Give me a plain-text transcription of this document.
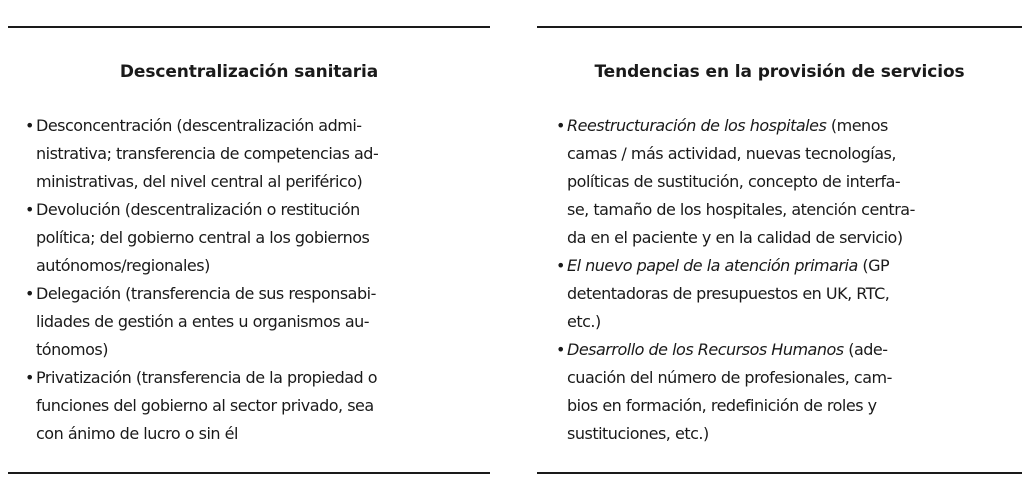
Descentralización sanitaria
• Desconcentración (descentralización admi-
nistrativa; transferencia de competencias ad-
ministrativas, del nivel central al periférico)
• Devolución (descentralización o restitución
política; del gobierno central a los gobiernos
autónomos/regionales)
• Delegación (transferencia de sus responsabi-
lidades de gestión a entes u organismos au-
tónomos)
• Privatización (transferencia de la propiedad o
funciones del gobierno al sector privado, sea
con ánimo de lucro o sin él
Tendencias en la provisión de servicios
• Reestructuración de los hospitales (menos
camas / más actividad, nuevas tecnologías,
políticas de sustitución, concepto de interfa-
se, tamaño de los hospitales, atención centra-
da en el paciente y en la calidad de servicio)
• El nuevo papel de la atención primaria (GP
detentadoras de presupuestos en UK, RTC,
etc.)
• Desarrollo de los Recursos Humanos (ade-
cuación del número de profesionales, cam-
bios en formación, redefinición de roles y
sustituciones, etc.)
